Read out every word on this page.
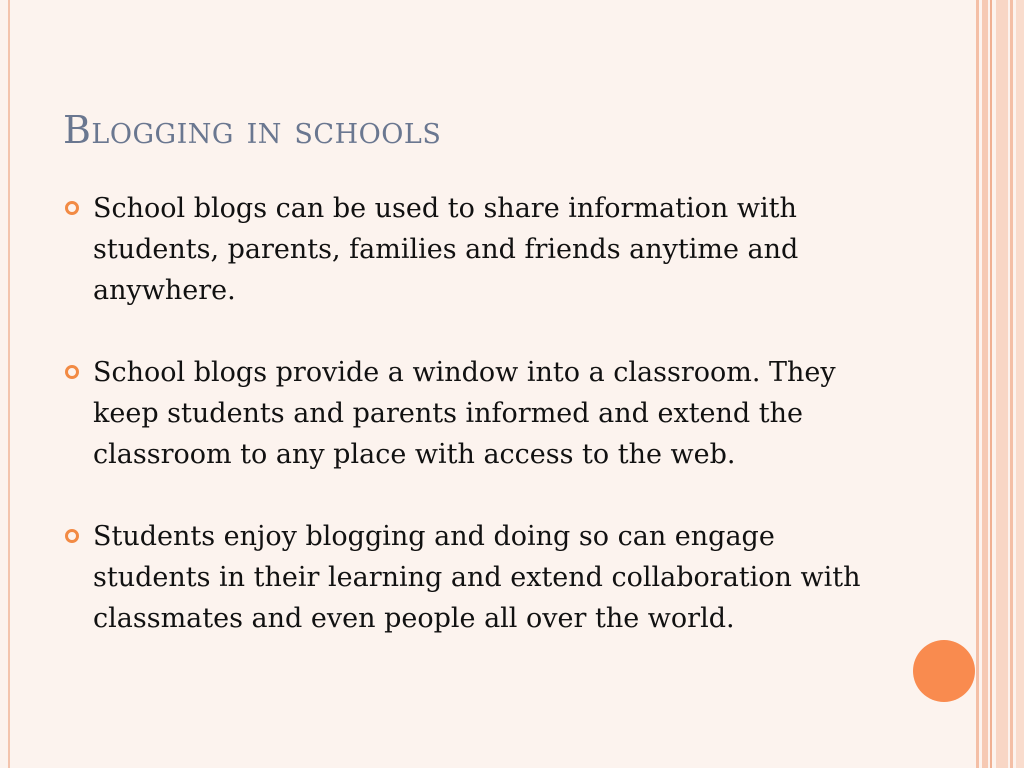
Blogging in schools
School blogs can be used to share information with students, parents, families and friends anytime and anywhere.
School blogs provide a window into a classroom. They keep students and parents informed and extend the classroom to any place with access to the web.
Students enjoy blogging and doing so can engage students in their learning and extend collaboration with classmates and even people all over the world.
